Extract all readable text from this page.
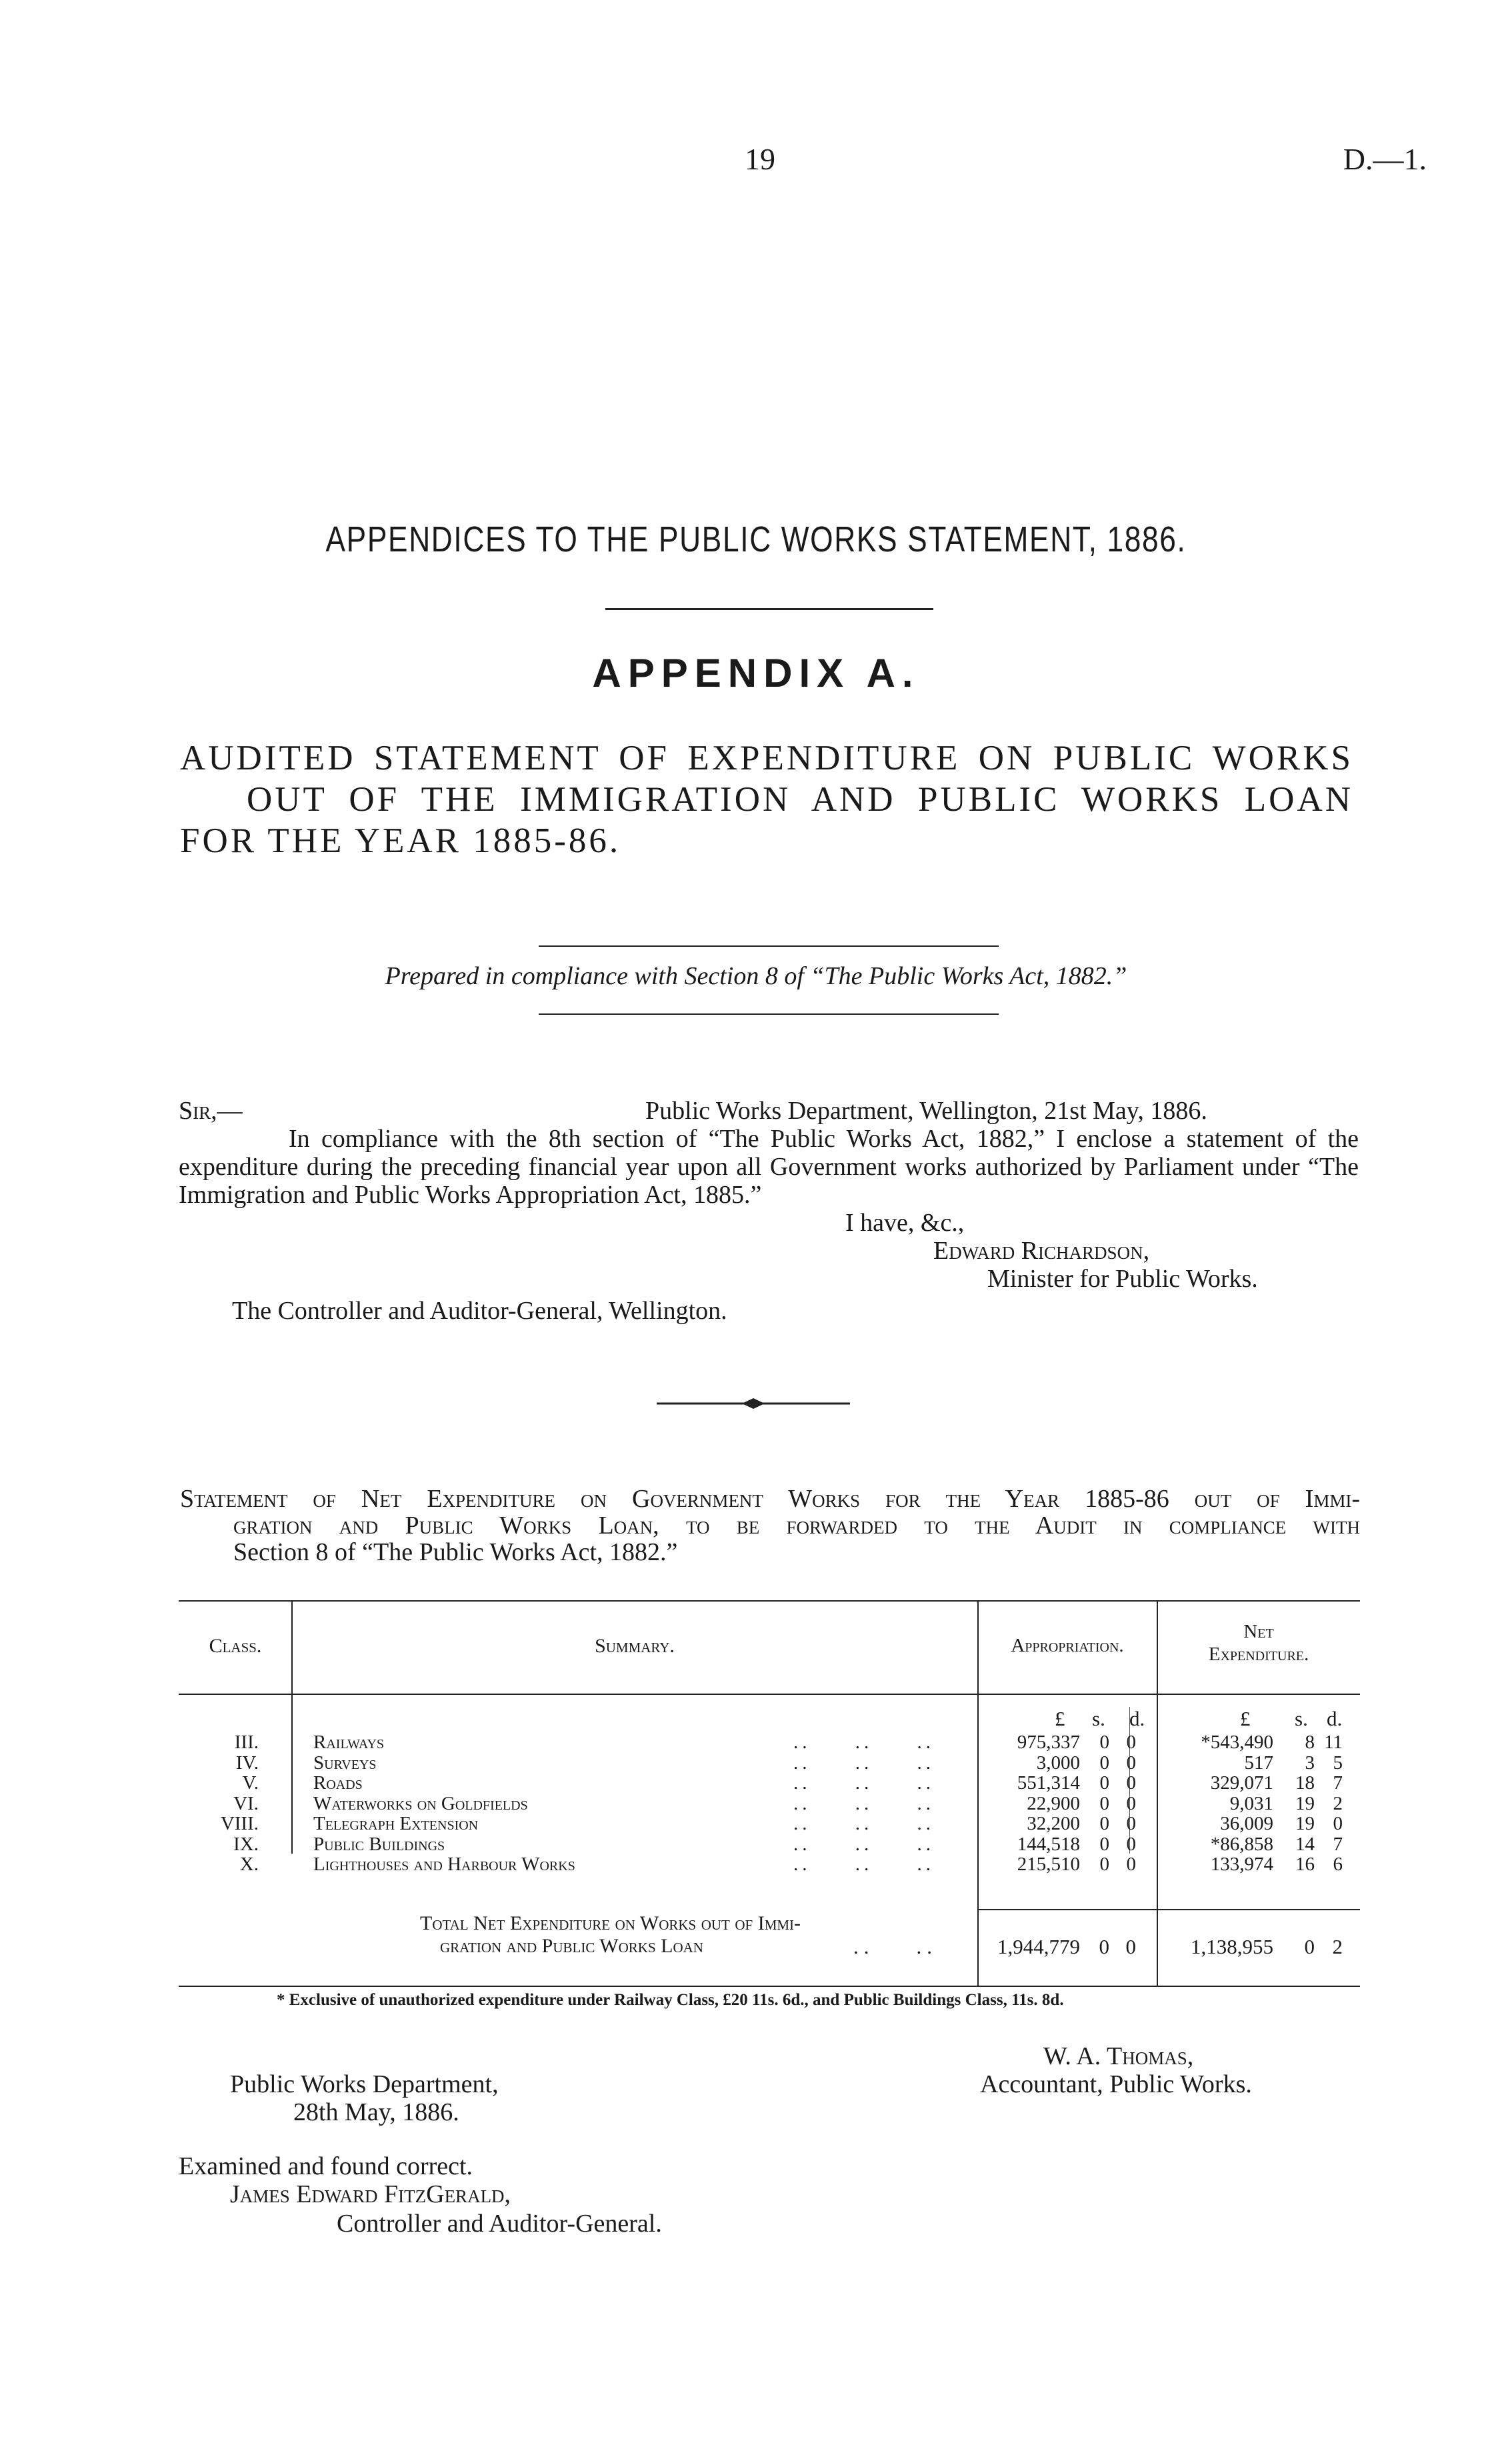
19	D.—1.
APPENDICES TO THE PUBLIC WORKS STATEMENT, 1886.
APPENDIX A.
AUDITED STATEMENT OF EXPENDITURE ON PUBLIC WORKS
OUT OF THE IMMIGRATION AND PUBLIC WORKS LOAN
FOR THE YEAR 1885-86.
Prepared in compliance with Section 8 of “The Public Works Act, 1882.”
Sir,—	Public Works Department, Wellington, 21st May, 1886.
In compliance with the 8th section of “The Public Works Act, 1882,” I enclose a statement of the expenditure during the preceding financial year upon all Government works authorized by Parliament under “The Immigration and Public Works Appropriation Act, 1885.”
I have, &c.,
Edward Richardson,
Minister for Public Works.
The Controller and Auditor-General, Wellington.
Statement of Net Expenditure on Government Works for the Year 1885-86 out of Immi-
gration and Public Works Loan, to be forwarded to the Audit in compliance with
Section 8 of “The Public Works Act, 1882.”
Class.	Summary.	Appropriation.
Net
Expenditure.
£ s. d.	£ s. d.
III.	Railways	..     ..     ..	975,337	0 0	*543,490	8 11
IV.	Surveys	..     ..     ..	3,000	0 0	517	3 5
V.	Roads	..     ..     ..	551,314	0 0	329,071 18 7
VI.	Waterworks on Goldfields	..     ..     ..	22,900	0 0	9,031 19 2
VIII.	Telegraph Extension	..     ..     ..	32,200	0 0	36,009 19 0
IX.	Public Buildings	..     ..     ..	144,518	0 0	*86,858 14 7
X.	Lighthouses and Harbour Works	..     ..     ..	215,510	0 0	133,974 16 6
Total Net Expenditure on Works out of Immi-
gration and Public Works Loan	..    ..	1,944,779 0 0	1,138,955	0 2
* Exclusive of unauthorized expenditure under Railway Class, £20 11s. 6d., and Public Buildings Class, 11s. 8d.
Public Works Department,
28th May, 1886.
W. A. Thomas,
Accountant, Public Works.
Examined and found correct.
James Edward FitzGerald,
Controller and Auditor-General.
